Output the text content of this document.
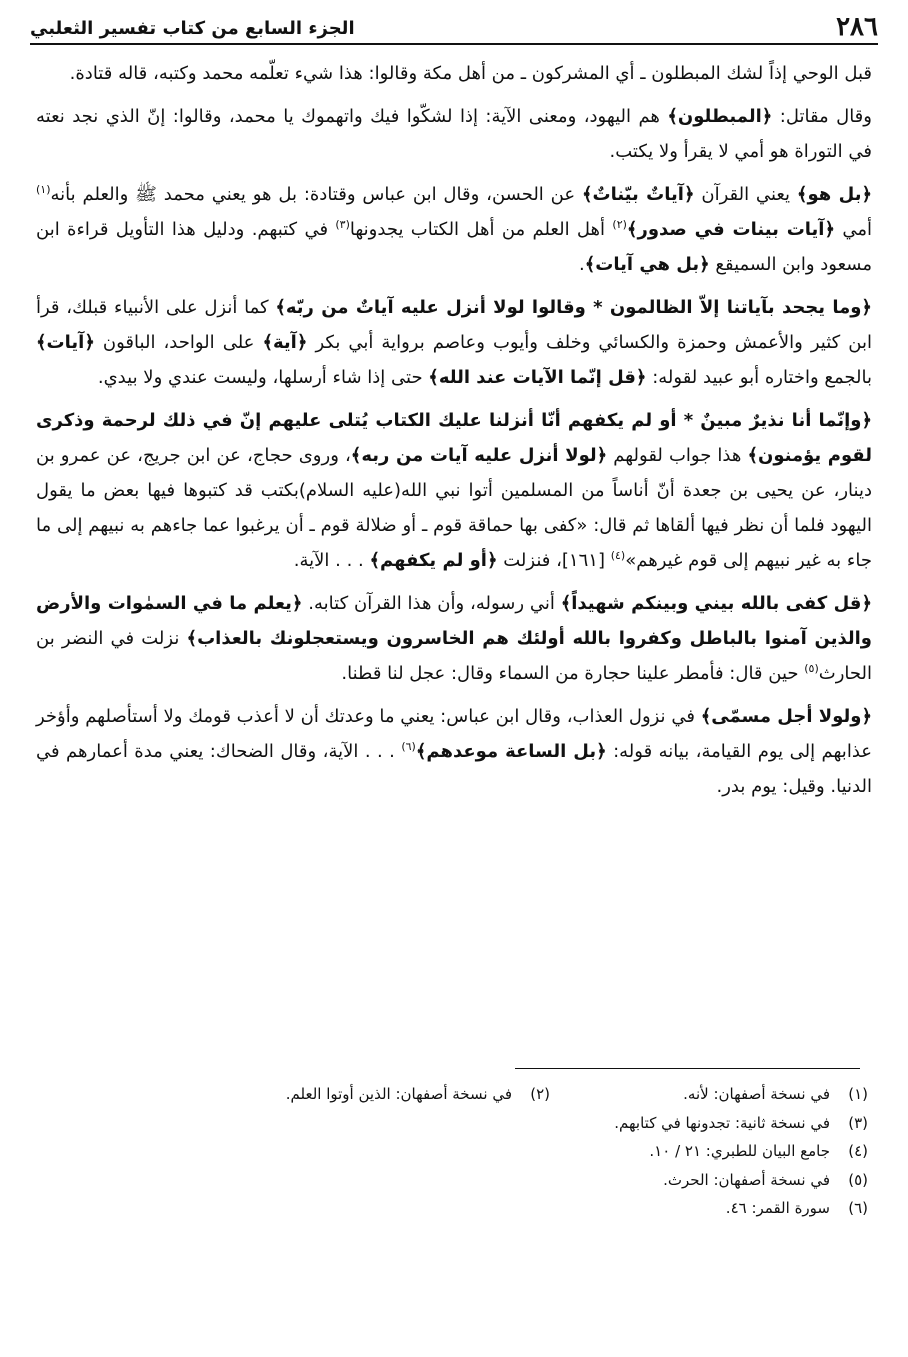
٢٨٦
الجزء السابع من كتاب تفسير الثعلبي

قبل الوحي إذاً لشك المبطلون ـ أي المشركون ـ من أهل مكة وقالوا: هذا شيء تعلّمه محمد وكتبه، قاله قتادة.

وقال مقاتل: ﴿المبطلون﴾ هم اليهود، ومعنى الآية: إذا لشكّوا فيك واتهموك يا محمد، وقالوا: إنّ الذي نجد نعته في التوراة هو أمي لا يقرأ ولا يكتب.

﴿بل هو﴾ يعني القرآن ﴿آياتٌ بيّناتٌ﴾ عن الحسن، وقال ابن عباس وقتادة: بل هو يعني محمد ﷺ والعلم بأنه$^{(١)}$ أمي ﴿آيات بينات في صدور﴾$^{(٢)}$ أهل العلم من أهل الكتاب يجدونها$^{(٣)}$ في كتبهم. ودليل هذا التأويل قراءة ابن مسعود وابن السميقع ﴿بل هي آيات﴾.

﴿وما يجحد بآياتنا إلاّ الظالمون * وقالوا لولا أنزل عليه آياتٌ من ربّه﴾ كما أنزل على الأنبياء قبلك، قرأ ابن كثير والأعمش وحمزة والكسائي وخلف وأيوب وعاصم برواية أبي بكر ﴿آية﴾ على الواحد، الباقون ﴿آيات﴾ بالجمع واختاره أبو عبيد لقوله: ﴿قل إنّما الآيات عند الله﴾ حتى إذا شاء أرسلها، وليست عندي ولا بيدي.

﴿وإنّما أنا نذيرٌ مبينٌ * أو لم يكفهم أنّا أنزلنا عليك الكتاب يُتلى عليهم إنّ في ذلك لرحمة وذكرى لقوم يؤمنون﴾ هذا جواب لقولهم ﴿لولا أنزل عليه آيات من ربه﴾، وروى حجاج، عن ابن جريج، عن عمرو بن دينار، عن يحيى بن جعدة أنّ أناساً من المسلمين أتوا نبي الله(عليه السلام)بكتب قد كتبوها فيها بعض ما يقول اليهود فلما أن نظر فيها ألقاها ثم قال: «كفى بها حماقة قوم ـ أو ضلالة قوم ـ أن يرغبوا عما جاءهم به نبيهم إلى ما جاء به غير نبيهم إلى قوم غيرهم»$^{(٤)}$ [١٦١]، فنزلت ﴿أو لم يكفهم﴾ . . . الآية.

﴿قل كفى بالله بيني وبينكم شهيداً﴾ أني رسوله، وأن هذا القرآن كتابه. ﴿يعلم ما في السمٰوات والأرض والذين آمنوا بالباطل وكفروا بالله أولئك هم الخاسرون ويستعجلونك بالعذاب﴾ نزلت في النضر بن الحارث$^{(٥)}$ حين قال: فأمطر علينا حجارة من السماء وقال: عجل لنا قطنا.

﴿ولولا أجل مسمّى﴾ في نزول العذاب، وقال ابن عباس: يعني ما وعدتك أن لا أعذب قومك ولا أستأصلهم وأؤخر عذابهم إلى يوم القيامة، بيانه قوله: ﴿بل الساعة موعدهم﴾$^{(٦)}$ . . . الآية، وقال الضحاك: يعني مدة أعمارهم في الدنيا. وقيل: يوم بدر.

(١)في نسخة أصفهان: لأنه.
(٢)في نسخة أصفهان: الذين أوتوا العلم.
(٣)في نسخة ثانية: تجدونها في كتابهم.
(٤)جامع البيان للطبري: ٢١ / ١٠.
(٥)في نسخة أصفهان: الحرث.
(٦)سورة القمر: ٤٦.
